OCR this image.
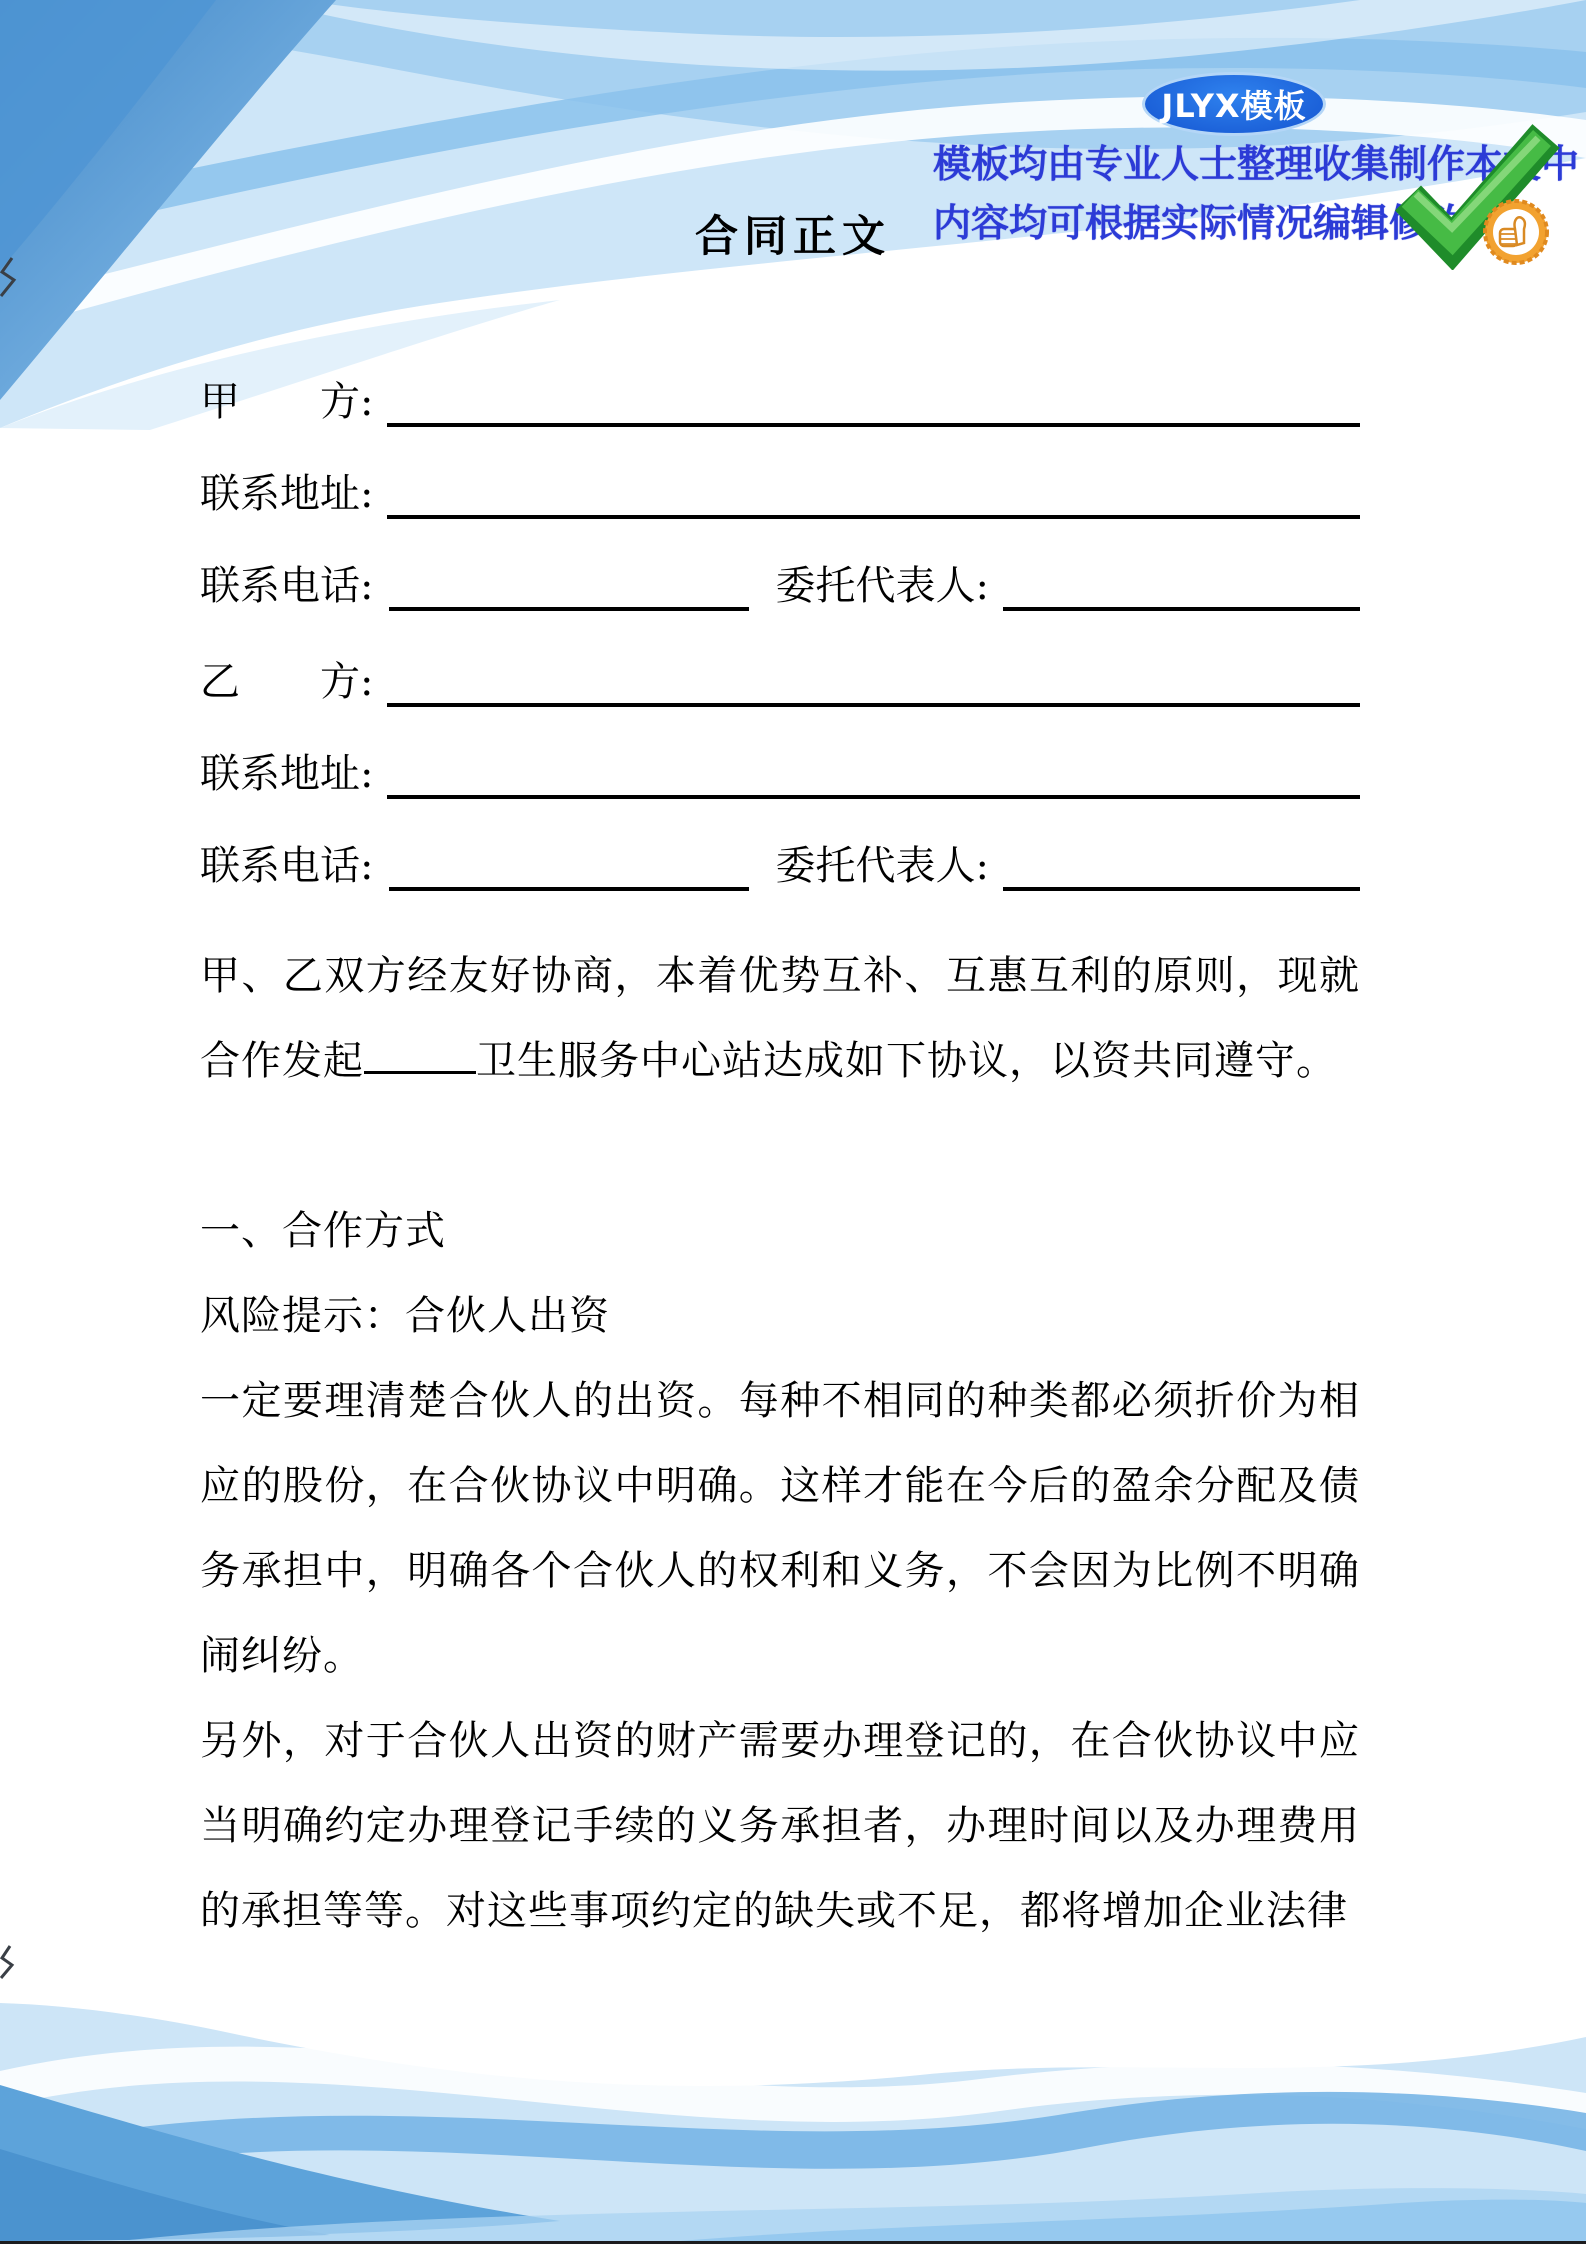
JLYX模板
模板均由专业人士整理收集制作本文中
内容均可根据实际情况编辑修改
合同正文
甲　　方:
联系地址:
联系电话:	委托代表人:
乙　　方:
联系地址:
联系电话:	委托代表人:

甲、乙双方经友好协商，本着优势互补、互惠互利的原则，现就合作发起	卫生服务中心站达成如下协议，以资共同遵守。

一、合作方式

风险提示：合伙人出资

一定要理清楚合伙人的出资。每种不相同的种类都必须折价为相应的股份，在合伙协议中明确。这样才能在今后的盈余分配及债务承担中，明确各个合伙人的权利和义务，不会因为比例不明确闹纠纷。

另外，对于合伙人出资的财产需要办理登记的，在合伙协议中应当明确约定办理登记手续的义务承担者，办理时间以及办理费用的承担等等。对这些事项约定的缺失或不足，都将增加企业法律
